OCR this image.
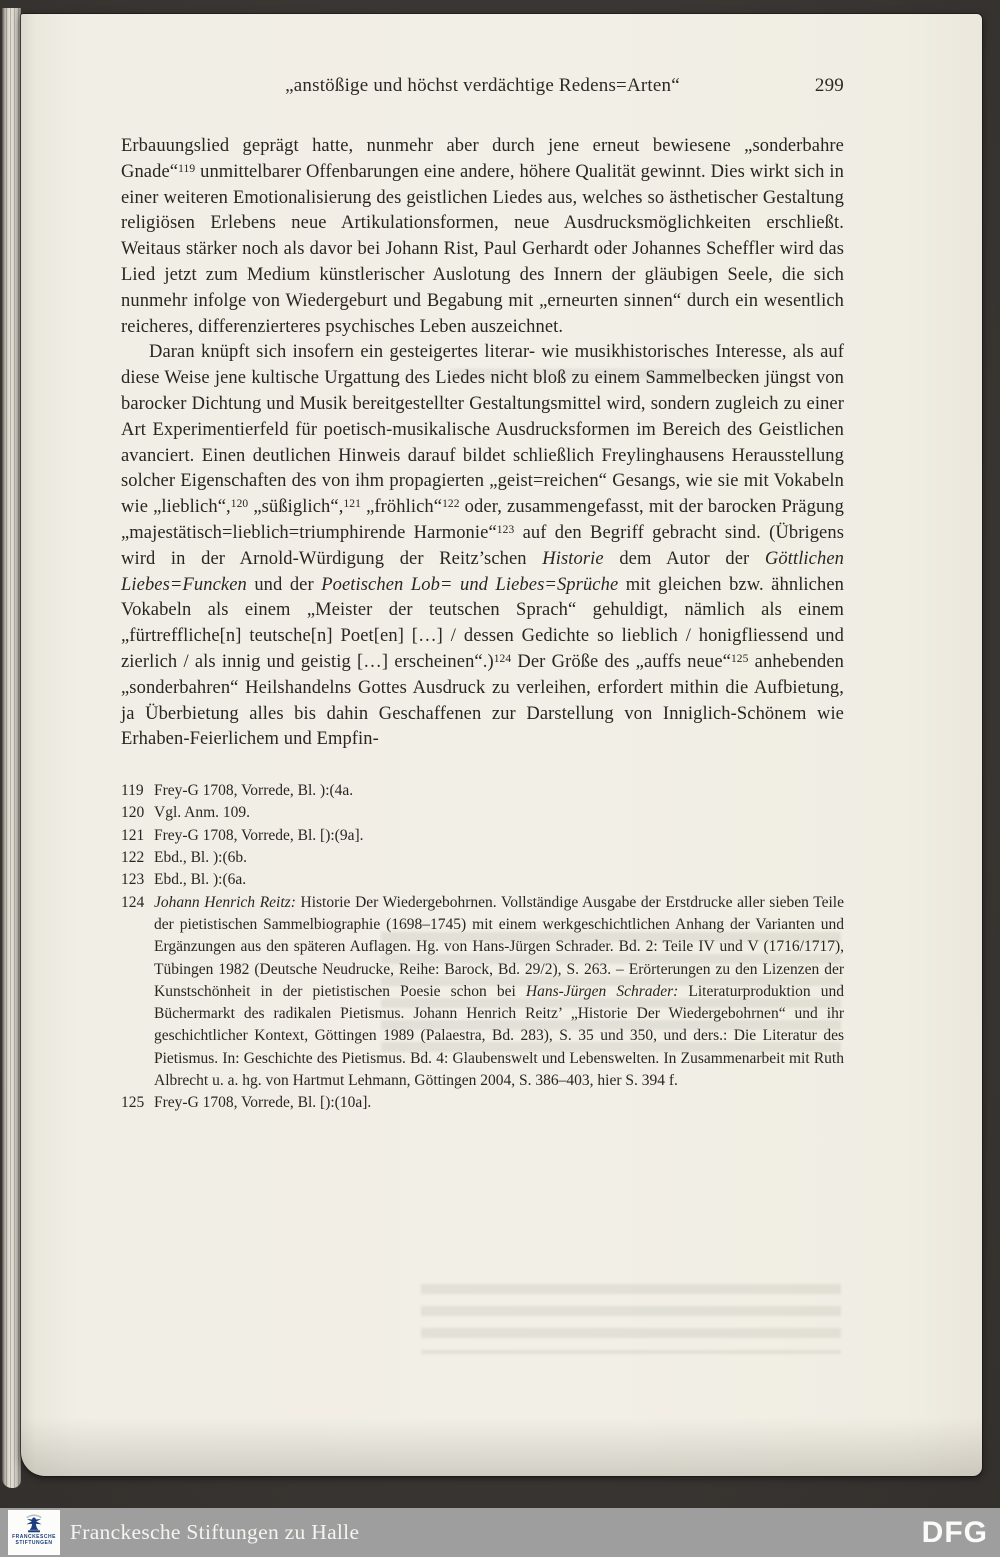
„anstößige und höchst verdächtige Redens=Arten“	299

Erbauungslied geprägt hatte, nunmehr aber durch jene erneut bewiesene „sonderbahre Gnade“$^{119}$ unmittelbarer Offenbarungen eine andere, höhere Qualität gewinnt. Dies wirkt sich in einer weiteren Emotionalisierung des geistlichen Liedes aus, welches so ästhetischer Gestaltung religiösen Erlebens neue Artikulationsformen, neue Ausdrucksmöglichkeiten erschließt. Weitaus stärker noch als davor bei Johann Rist, Paul Gerhardt oder Johannes Scheffler wird das Lied jetzt zum Medium künstlerischer Auslotung des Innern der gläubigen Seele, die sich nunmehr infolge von Wiedergeburt und Begabung mit „erneurten sinnen“ durch ein wesentlich reicheres, differenzierteres psychisches Leben auszeichnet.

Daran knüpft sich insofern ein gesteigertes literar- wie musikhistorisches Interesse, als auf diese Weise jene kultische Urgattung des Liedes nicht bloß zu einem Sammelbecken jüngst von barocker Dichtung und Musik bereitgestellter Gestaltungsmittel wird, sondern zugleich zu einer Art Experimentierfeld für poetisch-musikalische Ausdrucksformen im Bereich des Geistlichen avanciert. Einen deutlichen Hinweis darauf bildet schließlich Freylinghausens Herausstellung solcher Eigenschaften des von ihm propagierten „geist=reichen“ Gesangs, wie sie mit Vokabeln wie „lieblich“,$^{120}$ „süßiglich“,$^{121}$ „fröhlich“$^{122}$ oder, zusammengefasst, mit der barocken Prägung „majestätisch=lieblich=triumphirende Harmonie“$^{123}$ auf den Begriff gebracht sind. (Übrigens wird in der Arnold-Würdigung der Reitz’schen Historie dem Autor der Göttlichen Liebes=Funcken und der Poetischen Lob= und Liebes=Sprüche mit gleichen bzw. ähnlichen Vokabeln als einem „Meister der teutschen Sprach“ gehuldigt, nämlich als einem „fürtreffliche[n] teutsche[n] Poet[en] […] / dessen Gedichte so lieblich / honigfliessend und zierlich / als innig und geistig […] erscheinen“.)$^{124}$ Der Größe des „auffs neue“$^{125}$ anhebenden „sonderbahren“ Heilshandelns Gottes Ausdruck zu verleihen, erfordert mithin die Aufbietung, ja Überbietung alles bis dahin Geschaffenen zur Darstellung von Inniglich-Schönem wie Erhaben-Feierlichem und Empfin-

119 Frey-G 1708, Vorrede, Bl. ):(4a.
120 Vgl. Anm. 109.
121 Frey-G 1708, Vorrede, Bl. [):(9a].
122 Ebd., Bl. ):(6b.
123 Ebd., Bl. ):(6a.
124 Johann Henrich Reitz: Historie Der Wiedergebohrnen. Vollständige Ausgabe der Erstdrucke aller sieben Teile der pietistischen Sammelbiographie (1698–1745) mit einem werkgeschichtlichen Anhang der Varianten und Ergänzungen aus den späteren Auflagen. Hg. von Hans-Jürgen Schrader. Bd. 2: Teile IV und V (1716/1717), Tübingen 1982 (Deutsche Neudrucke, Reihe: Barock, Bd. 29/2), S. 263. – Erörterungen zu den Lizenzen der Kunstschönheit in der pietistischen Poesie schon bei Hans-Jürgen Schrader: Literaturproduktion und Büchermarkt des radikalen Pietismus. Johann Henrich Reitz’ „Historie Der Wiedergebohrnen“ und ihr geschichtlicher Kontext, Göttingen 1989 (Palaestra, Bd. 283), S. 35 und 350, und ders.: Die Literatur des Pietismus. In: Geschichte des Pietismus. Bd. 4: Glaubenswelt und Lebenswelten. In Zusammenarbeit mit Ruth Albrecht u. a. hg. von Hartmut Lehmann, Göttingen 2004, S. 386–403, hier S. 394 f.
125 Frey-G 1708, Vorrede, Bl. [):(10a].
FRANCKESCHE
STIFTUNGEN Franckesche Stiftungen zu Halle	DFG
